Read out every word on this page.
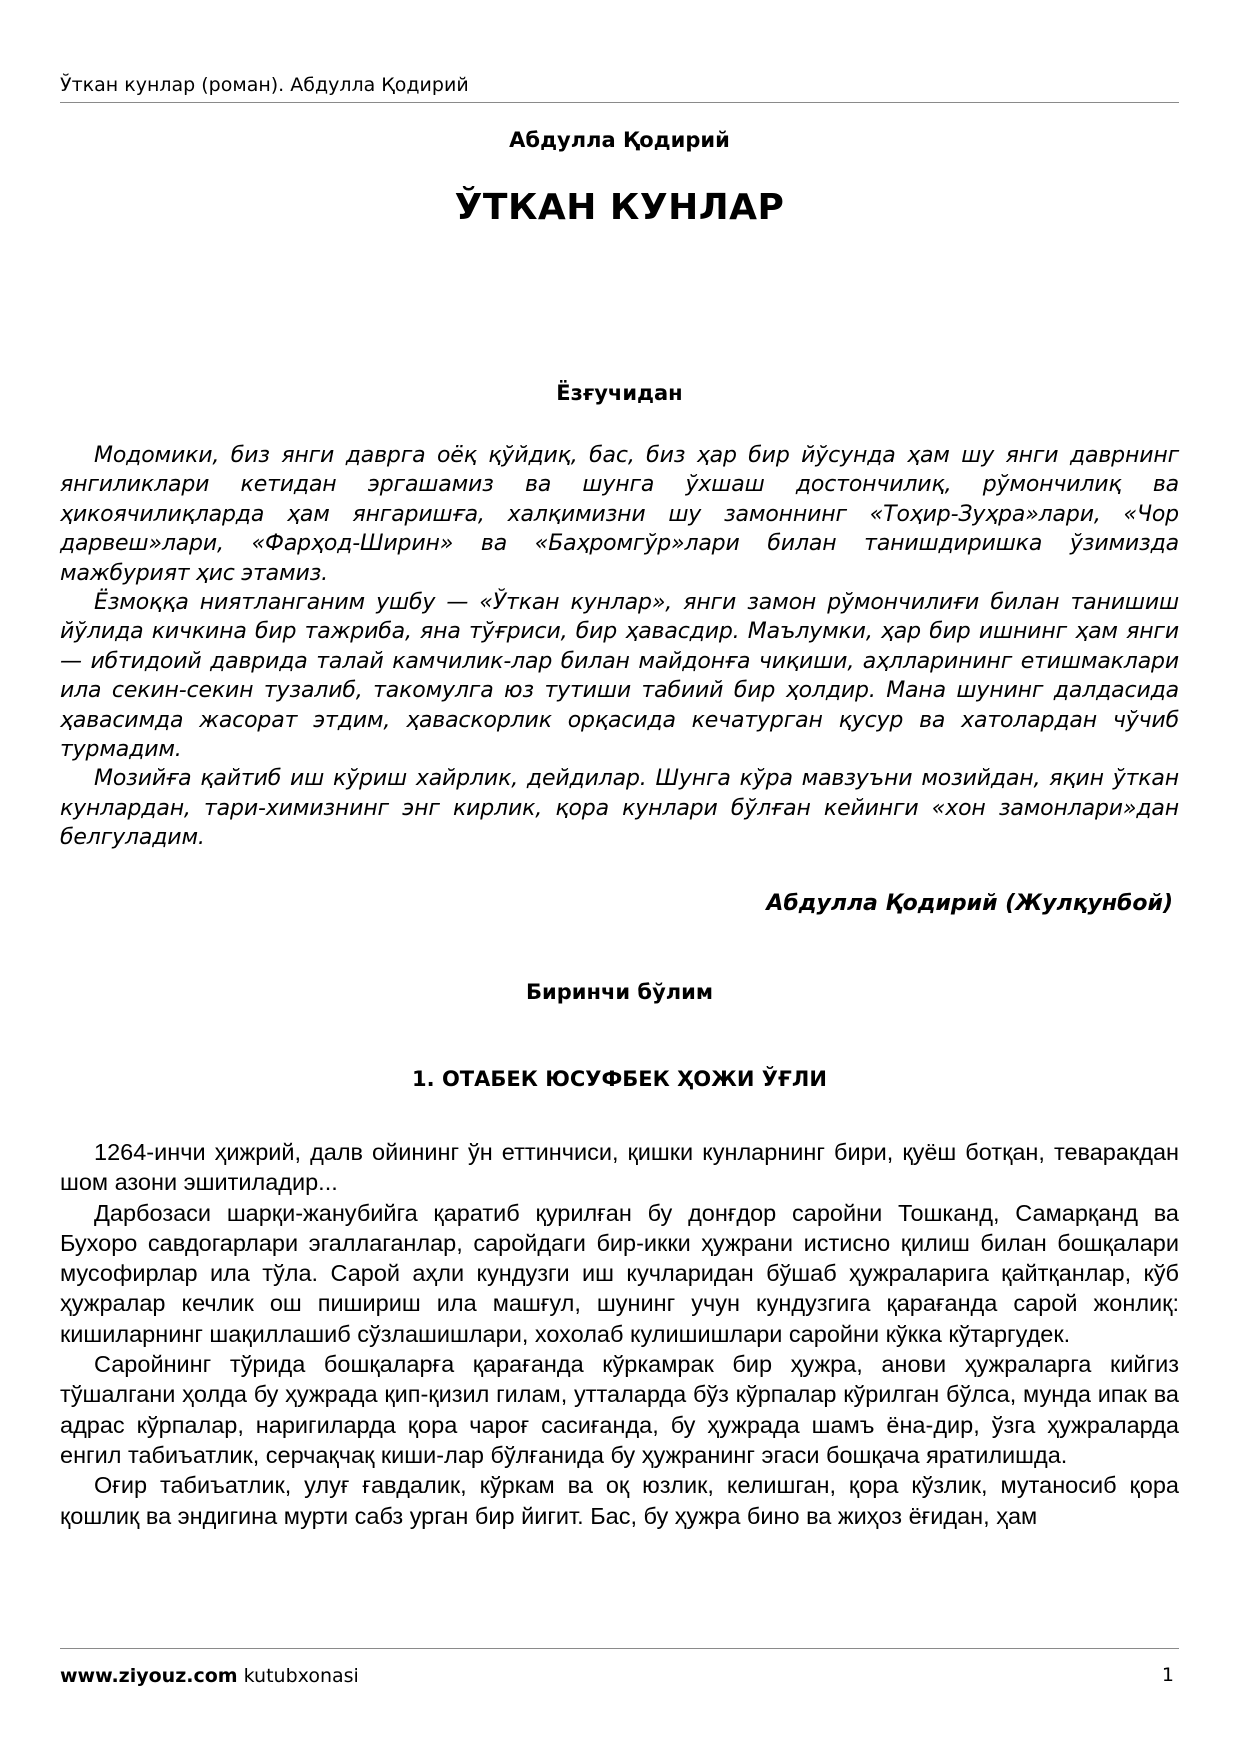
Ўткан кунлар (роман). Абдулла Қодирий
Абдулла Қодирий
ЎТКАН КУНЛАР
Ёзғучидан

Модомики, биз янги даврга оёқ қўйдиқ, бас, биз ҳар бир йўсунда ҳам шу янги даврнинг янгиликлари кетидан эргашамиз ва шунга ўхшаш достончилиқ, рўмончилиқ ва ҳикоячилиқларда ҳам янгаришға, халқимизни шу замоннинг «Тоҳир-Зуҳра»лари, «Чор дарвеш»лари, «Фарҳод-Ширин» ва «Баҳромгўр»лари билан танишдиришка ўзимизда мажбурият ҳис этамиз.

Ёзмоққа ниятланганим ушбу — «Ўткан кунлар», янги замон рўмончилиғи билан танишиш йўлида кичкина бир тажриба, яна тўғриси, бир ҳавасдир. Маълумки, ҳар бир ишнинг ҳам янги — ибтидоий даврида талай камчилик-лар билан майдонға чиқиши, аҳлларининг етишмаклари ила секин-секин тузалиб, такомулга юз тутиши табиий бир ҳолдир. Мана шунинг далдасида ҳавасимда жасорат этдим, ҳаваскорлик орқасида кечатурган қусур ва хатолардан чўчиб турмадим.

Мозийға қайтиб иш кўриш хайрлик, дейдилар. Шунга кўра мавзуъни мозийдан, яқин ўткан кунлардан, тари-химизнинг энг кирлик, қора кунлари бўлған кейинги «хон замонлари»дан белгуладим.

Абдулла Қодирий (Жулқунбой)
Биринчи бўлим
1. ОТАБЕК ЮСУФБЕК ҲОЖИ ЎҒЛИ

1264-инчи ҳижрий, далв ойининг ўн еттинчиси, қишки кунларнинг бири, қуёш ботқан, теваракдан шом азони эшитиладир...

Дарбозаси шарқи-жанубийга қаратиб қурилған бу донғдор саройни Тошканд, Самарқанд ва Бухоро савдогарлари эгаллаганлар, саройдаги бир-икки ҳужрани истисно қилиш билан бошқалари мусофирлар ила тўла. Сарой аҳли кундузги иш кучларидан бўшаб ҳужраларига қайтқанлар, кўб ҳужралар кечлик ош пишириш ила машғул, шунинг учун кундузгига қарағанда сарой жонлиқ: кишиларнинг шақиллашиб сўзлашишлари, хохолаб кулишишлари саройни кўкка кўтаргудек.

Саройнинг тўрида бошқаларға қарағанда кўркамрак бир ҳужра, анови ҳужраларга кийгиз тўшалгани ҳолда бу ҳужрада қип-қизил гилам, утталарда бўз кўрпалар кўрилган бўлса, мунда ипак ва адрас кўрпалар, наригиларда қора чароғ сасиғанда, бу ҳужрада шамъ ёна-дир, ўзга ҳужраларда енгил табиъатлик, серчақчақ киши-лар бўлғанида бу ҳужранинг эгаси бошқача яратилишда.

Оғир табиъатлик, улуғ ғавдалик, кўркам ва оқ юзлик, келишган, қора кўзлик, мутаносиб қора қошлиқ ва эндигина мурти сабз урган бир йигит. Бас, бу ҳужра бино ва жиҳоз ёғидан, ҳам

www.ziyouz.com kutubxonasi	1
